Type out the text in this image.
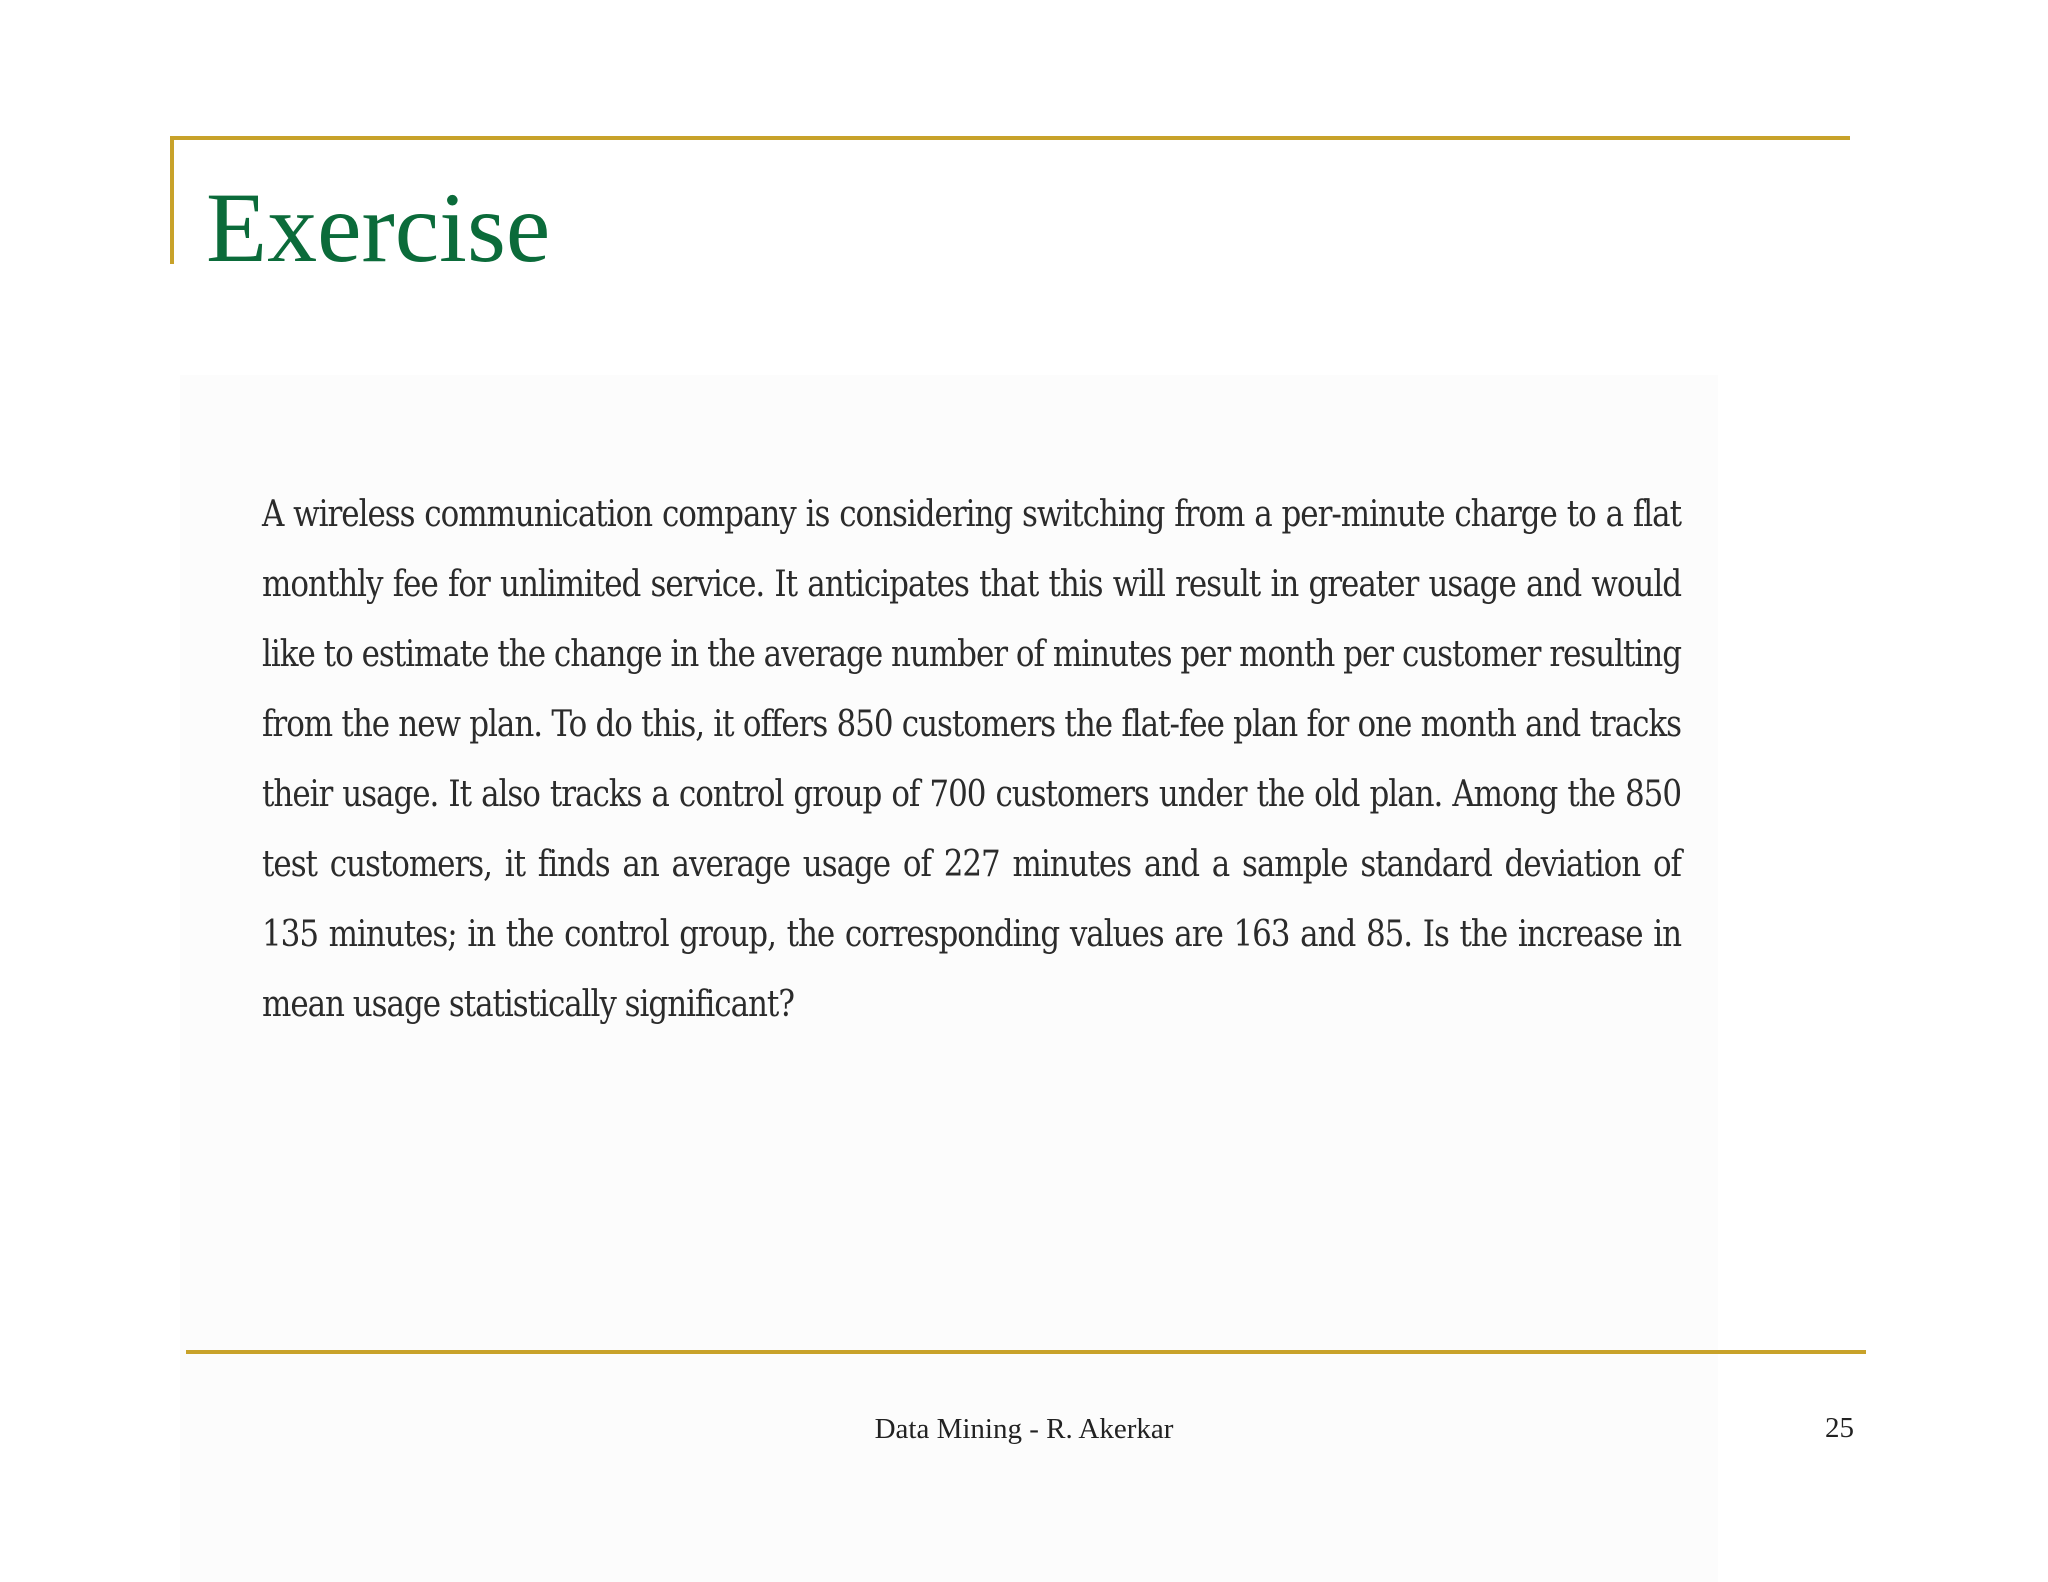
Exercise

A wireless communication company is considering switching from a per-minute charge to a flat monthly fee for unlimited service. It anticipates that this will result in greater usage and would like to estimate the change in the average number of minutes per month per customer resulting from the new plan. To do this, it offers 850 customers the flat-fee plan for one month and tracks their usage. It also tracks a control group of 700 customers under the old plan. Among the 850 test customers, it finds an average usage of 227 minutes and a sample standard deviation of 135 minutes; in the control group, the corresponding values are 163 and 85. Is the increase in mean usage statistically significant?

Data Mining - R. Akerkar	25
